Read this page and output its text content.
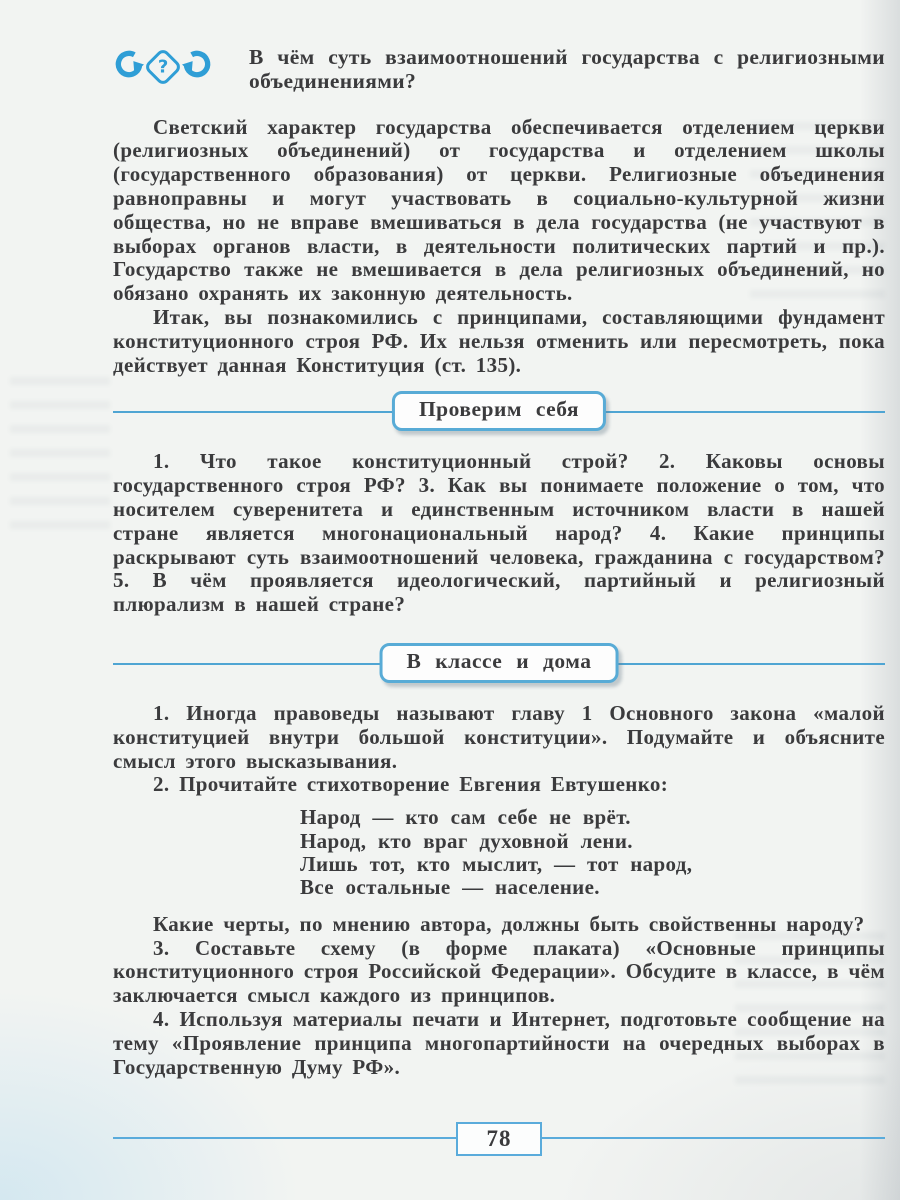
?	В чём суть взаимоотношений государства с религиозными объединениями?

Светский характер государства обеспечивается отделением церкви (религиозных объединений) от государства и отделением школы (государственного образования) от церкви. Религиозные объединения равноправны и могут участвовать в социально-культурной жизни общества, но не вправе вмешиваться в дела государства (не участвуют в выборах органов власти, в деятельности политических партий и пр.). Государство также не вмешивается в дела религиозных объединений, но обязано охранять их законную деятельность.

Итак, вы познакомились с принципами, составляющими фундамент конституционного строя РФ. Их нельзя отменить или пересмотреть, пока действует данная Конституция (ст. 135).

Проверим себя

1. Что такое конституционный строй? 2. Каковы основы государственного строя РФ? 3. Как вы понимаете положение о том, что носителем суверенитета и единственным источником власти в нашей стране является многонациональный народ? 4. Какие принципы раскрывают суть взаимоотношений человека, гражданина с государством? 5. В чём проявляется идеологический, партийный и религиозный плюрализм в нашей стране?

В классе и дома

1. Иногда правоведы называют главу 1 Основного закона «малой конституцией внутри большой конституции». Подумайте и объясните смысл этого высказывания.

2. Прочитайте стихотворение Евгения Евтушенко:

Народ — кто сам себе не врёт.
Народ, кто враг духовной лени.
Лишь тот, кто мыслит, — тот народ,
Все остальные — население.

Какие черты, по мнению автора, должны быть свойственны народу?

3. Составьте схему (в форме плаката) «Основные принципы конституционного строя Российской Федерации». Обсудите в классе, в чём заключается смысл каждого из принципов.

4. Используя материалы печати и Интернет, подготовьте сообщение на тему «Проявление принципа многопартийности на очередных выборах в Государственную Думу РФ».

78
